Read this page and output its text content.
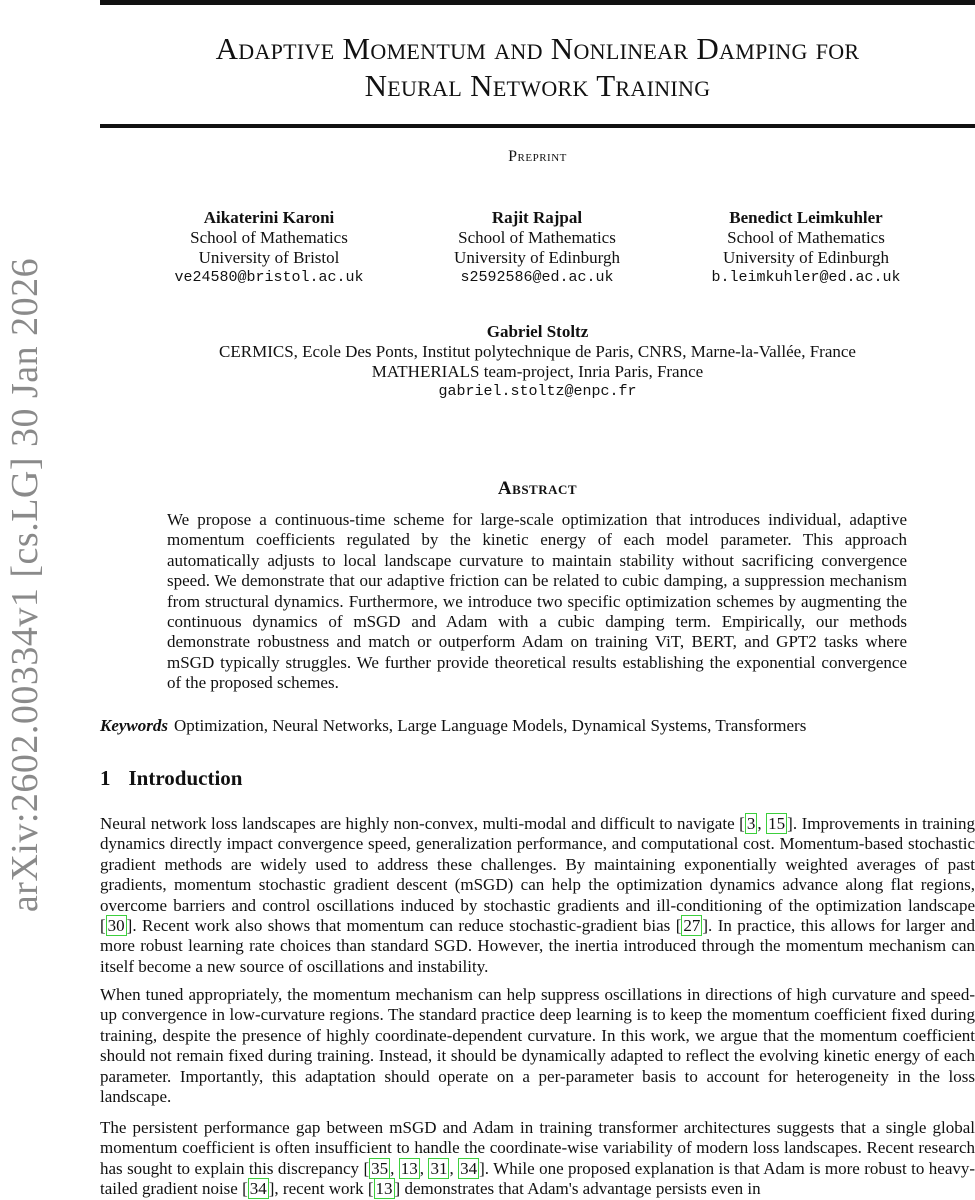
arXiv:2602.00334v1 [cs.LG] 30 Jan 2026
Adaptive Momentum and Nonlinear Damping for
Neural Network Training
Preprint
Aikaterini Karoni
School of Mathematics
University of Bristol
ve24580@bristol.ac.uk
Rajit Rajpal
School of Mathematics
University of Edinburgh
s2592586@ed.ac.uk
Benedict Leimkuhler
School of Mathematics
University of Edinburgh
b.leimkuhler@ed.ac.uk
Gabriel Stoltz
CERMICS, Ecole Des Ponts, Institut polytechnique de Paris, CNRS, Marne-la-Vallée, France
MATHERIALS team-project, Inria Paris, France
gabriel.stoltz@enpc.fr
Abstract

We propose a continuous-time scheme for large-scale optimization that introduces individual, adaptive momentum coefficients regulated by the kinetic energy of each model parameter. This approach automatically adjusts to local landscape curvature to maintain stability without sacrificing convergence speed. We demonstrate that our adaptive friction can be related to cubic damping, a suppression mechanism from structural dynamics. Furthermore, we introduce two specific optimization schemes by augmenting the continuous dynamics of mSGD and Adam with a cubic damping term. Empirically, our methods demonstrate robustness and match or outperform Adam on training ViT, BERT, and GPT2 tasks where mSGD typically struggles. We further provide theoretical results establishing the exponential convergence of the proposed schemes.

Keywords Optimization, Neural Networks, Large Language Models, Dynamical Systems, Transformers

1 Introduction

Neural network loss landscapes are highly non-convex, multi-modal and difficult to navigate [ 3 , 15 ]. Improvements in training dynamics directly impact convergence speed, generalization performance, and computational cost. Momentum-based stochastic gradient methods are widely used to address these challenges. By maintaining exponentially weighted averages of past gradients, momentum stochastic gradient descent (mSGD) can help the optimization dynamics advance along flat regions, overcome barriers and control oscillations induced by stochastic gradients and ill-conditioning of the optimization landscape [ 30 ]. Recent work also shows that momentum can reduce stochastic-gradient bias [ 27 ]. In practice, this allows for larger and more robust learning rate choices than standard SGD. However, the inertia introduced through the momentum mechanism can itself become a new source of oscillations and instability.

When tuned appropriately, the momentum mechanism can help suppress oscillations in directions of high curvature and speed-up convergence in low-curvature regions. The standard practice deep learning is to keep the momentum coefficient fixed during training, despite the presence of highly coordinate-dependent curvature. In this work, we argue that the momentum coefficient should not remain fixed during training. Instead, it should be dynamically adapted to reflect the evolving kinetic energy of each parameter. Importantly, this adaptation should operate on a per-parameter basis to account for heterogeneity in the loss landscape.

The persistent performance gap between mSGD and Adam in training transformer architectures suggests that a single global momentum coefficient is often insufficient to handle the coordinate-wise variability of modern loss landscapes. Recent research has sought to explain this discrepancy [ 35 , 13 , 31 , 34 ]. While one proposed explanation is that Adam is more robust to heavy-tailed gradient noise [ 34 ], recent work [ 13 ] demonstrates that Adam's advantage persists even in
